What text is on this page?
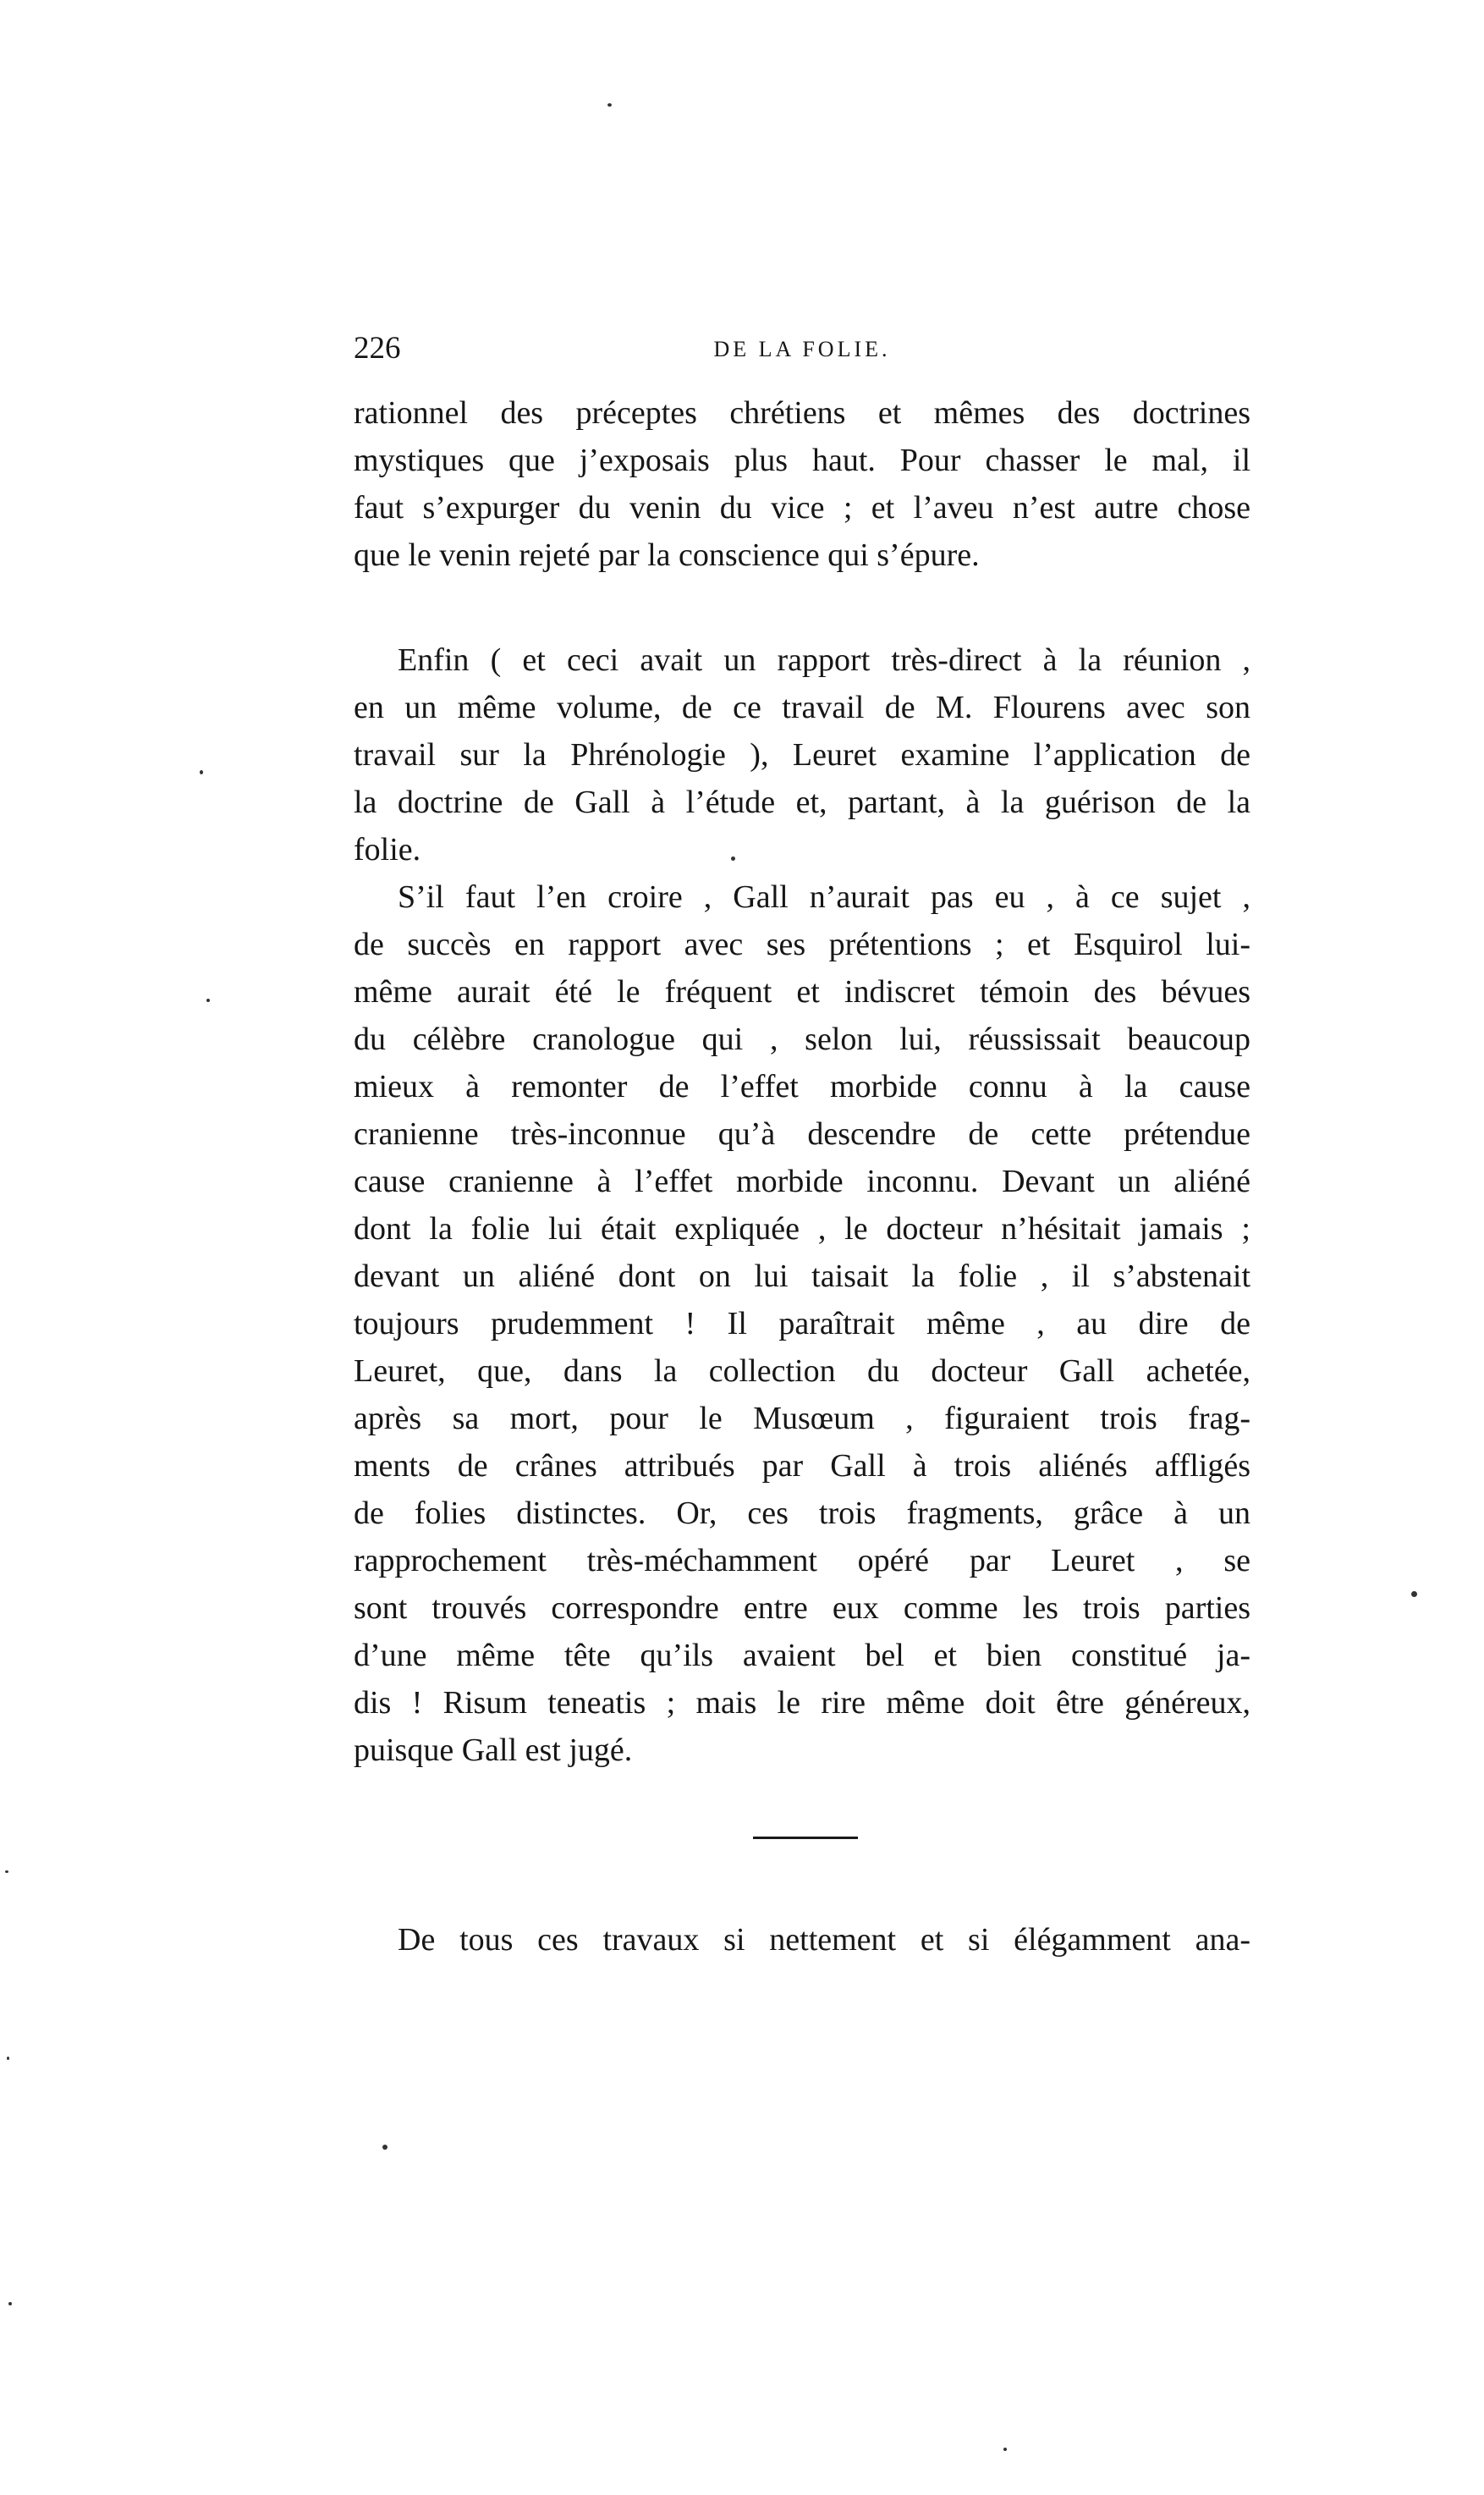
226	DE LA FOLIE.
rationnel des préceptes chrétiens et mêmes des doctrines
mystiques que j’exposais plus haut. Pour chasser le mal, il
faut s’expurger du venin du vice ; et l’aveu n’est autre chose
que le venin rejeté par la conscience qui s’épure.
Enfin ( et ceci avait un rapport très-direct à la réunion ,
en un même volume, de ce travail de M. Flourens avec son
travail sur la Phrénologie ), Leuret examine l’application de
la doctrine de Gall à l’étude et, partant, à la guérison de la
folie.
S’il faut l’en croire , Gall n’aurait pas eu , à ce sujet ,
de succès en rapport avec ses prétentions ; et Esquirol lui-
même aurait été le fréquent et indiscret témoin des bévues
du célèbre cranologue qui , selon lui, réussissait beaucoup
mieux à remonter de l’effet morbide connu à la cause
cranienne très-inconnue qu’à descendre de cette prétendue
cause cranienne à l’effet morbide inconnu. Devant un aliéné
dont la folie lui était expliquée , le docteur n’hésitait jamais ;
devant un aliéné dont on lui taisait la folie , il s’abstenait
toujours prudemment ! Il paraîtrait même , au dire de
Leuret, que, dans la collection du docteur Gall achetée,
après sa mort, pour le Musœum , figuraient trois frag-
ments de crânes attribués par Gall à trois aliénés affligés
de folies distinctes. Or, ces trois fragments, grâce à un
rapprochement très-méchamment opéré par Leuret , se
sont trouvés correspondre entre eux comme les trois parties
d’une même tête qu’ils avaient bel et bien constitué ja-
dis ! Risum teneatis ; mais le rire même doit être généreux,
puisque Gall est jugé.
De tous ces travaux si nettement et si élégamment ana-
